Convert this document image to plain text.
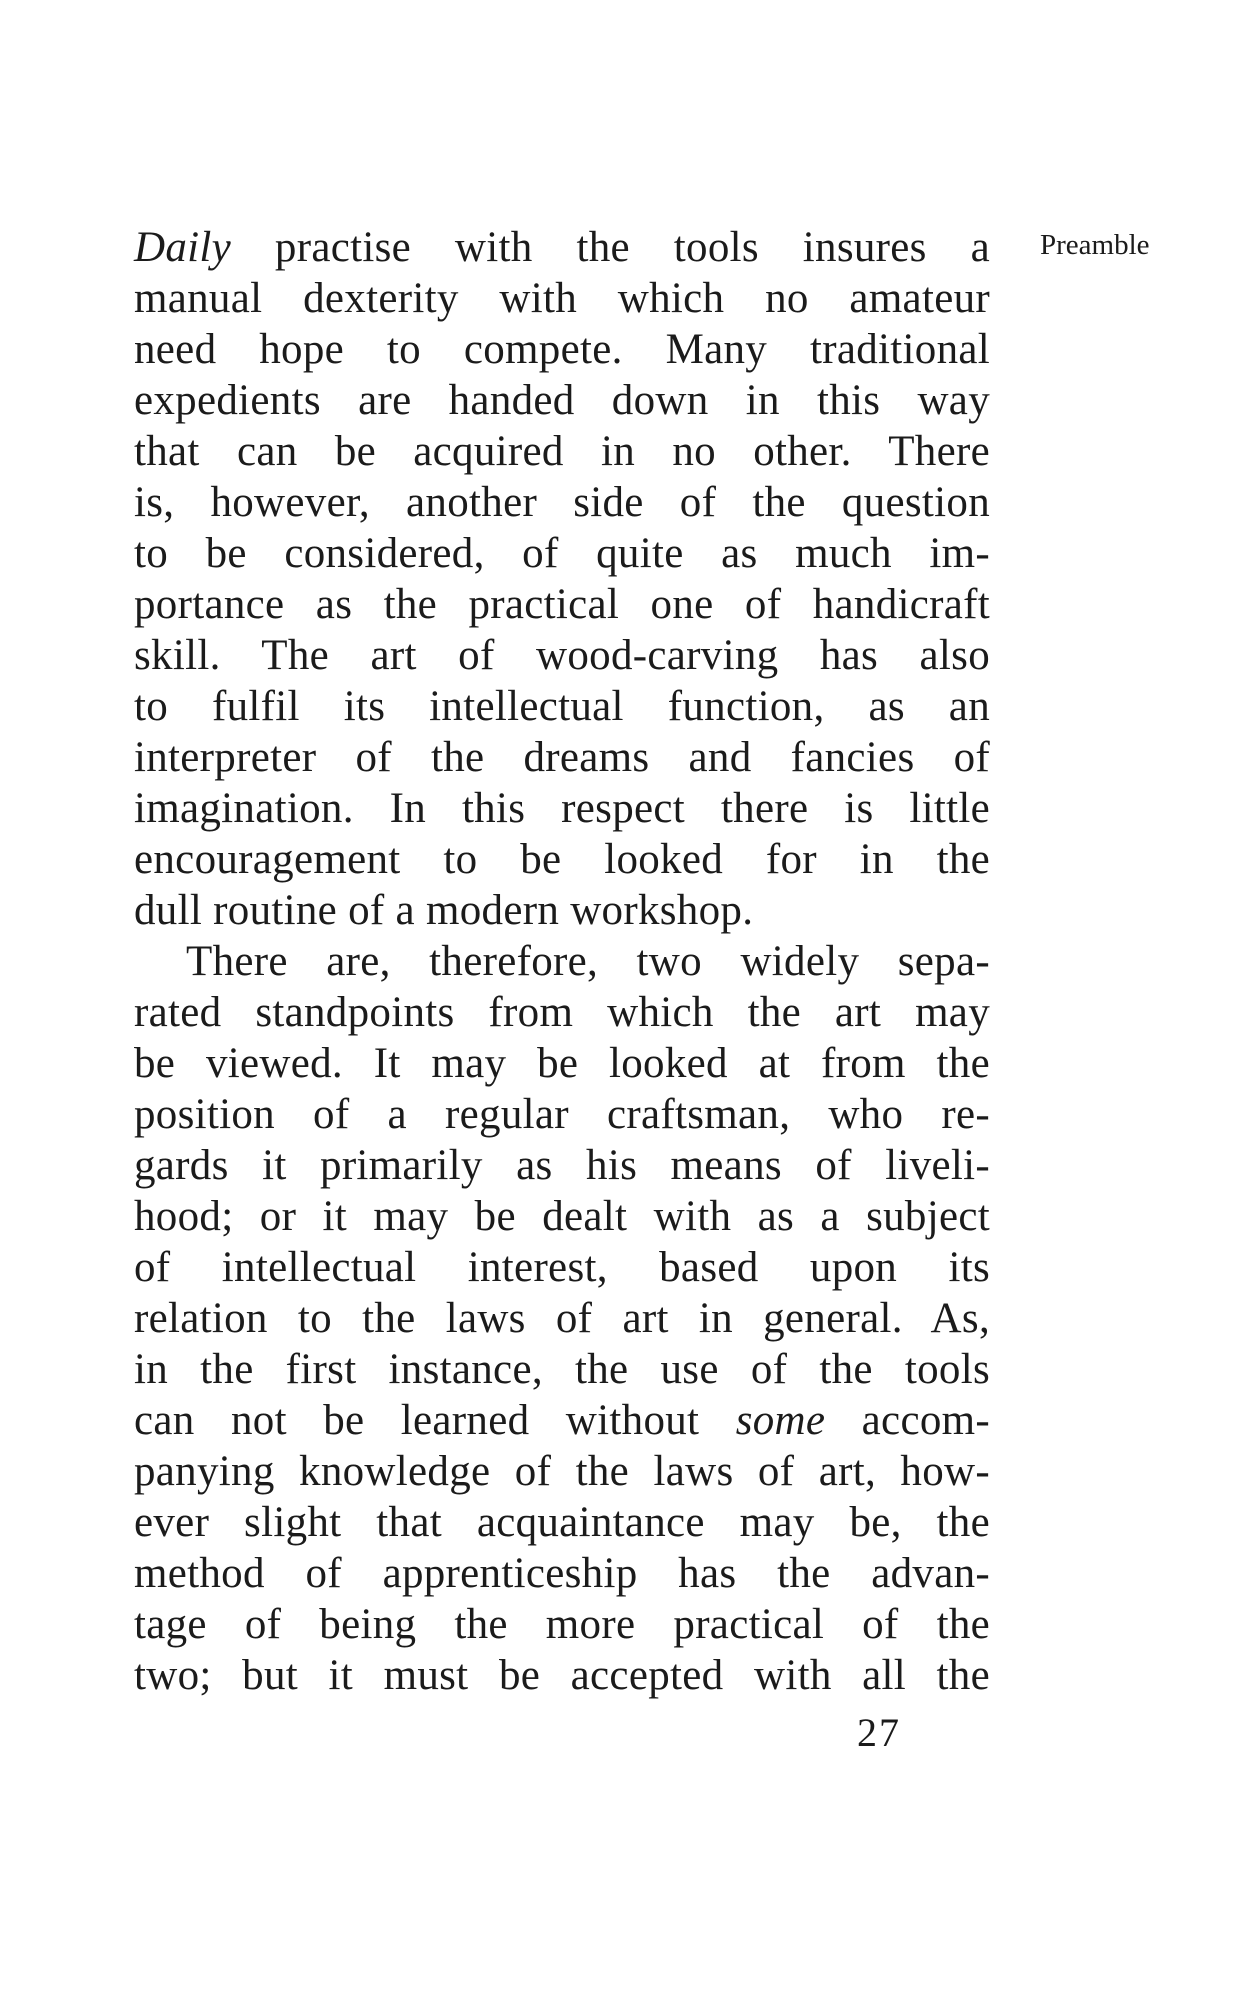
Daily practise with the tools insures a
manual dexterity with which no amateur
need hope to compete. Many traditional
expedients are handed down in this way
that can be acquired in no other. There
is, however, another side of the question
to be considered, of quite as much im-
portance as the practical one of handicraft
skill. The art of wood-carving has also
to fulfil its intellectual function, as an
interpreter of the dreams and fancies of
imagination. In this respect there is little
encouragement to be looked for in the
dull routine of a modern workshop.
There are, therefore, two widely sepa-
rated standpoints from which the art may
be viewed. It may be looked at from the
position of a regular craftsman, who re-
gards it primarily as his means of liveli-
hood; or it may be dealt with as a subject
of intellectual interest, based upon its
relation to the laws of art in general. As,
in the first instance, the use of the tools
can not be learned without some accom-
panying knowledge of the laws of art, how-
ever slight that acquaintance may be, the
method of apprenticeship has the advan-
tage of being the more practical of the
two; but it must be accepted with all the
Preamble
27
